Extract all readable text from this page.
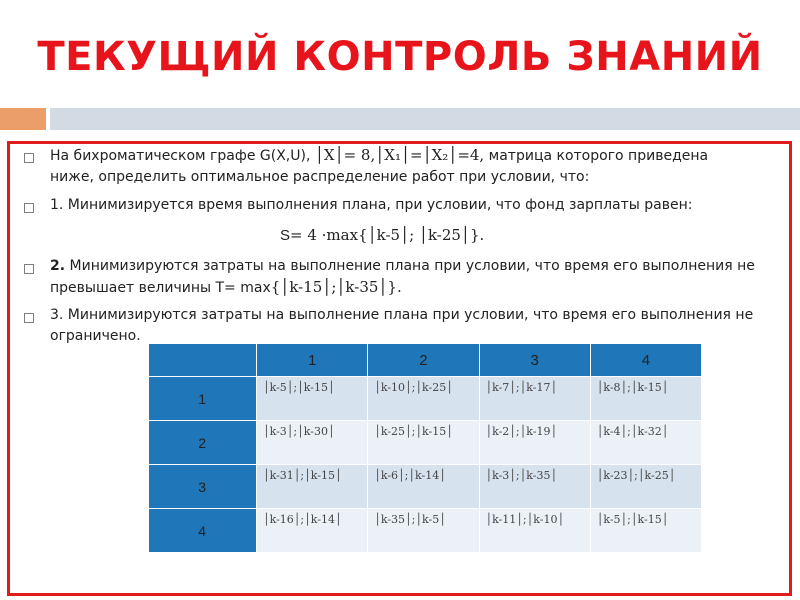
ТЕКУЩИЙ КОНТРОЛЬ ЗНАНИЙ
На бихроматическом графе G(X,U), │X│= 8,│X₁│=│X₂│=4, матрица которого приведена
ниже, определить оптимальное распределение работ при условии, что:
1. Минимизируется время выполнения плана, при условии, что фонд зарплаты равен:
S= 4 ·max{│k-5│; │k-25│}.
2. Минимизируются затраты на выполнение плана при условии, что время его выполнения не
превышает величины Т= max{│k-15│;│k-35│}.
3. Минимизируются затраты на выполнение плана при условии, что время его выполнения не
ограничено.
	1	2	3	4
1	│k-5│;│k-15│	│k-10│;│k-25│	│k-7│;│k-17│	│k-8│;│k-15│
2	│k-3│;│k-30│	│k-25│;│k-15│	│k-2│;│k-19│	│k-4│;│k-32│
3	│k-31│;│k-15│	│k-6│;│k-14│	│k-3│;│k-35│	│k-23│;│k-25│
4	│k-16│;│k-14│	│k-35│;│k-5│	│k-11│;│k-10│	│k-5│;│k-15│
